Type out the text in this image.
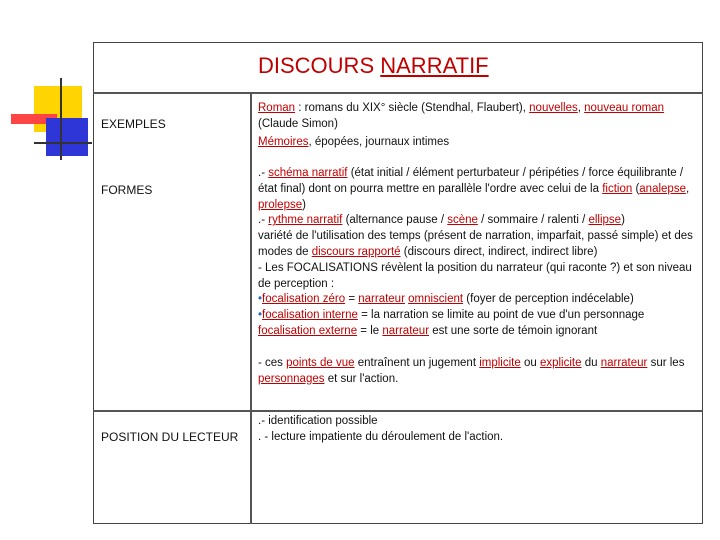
DISCOURS NARRATIF
EXEMPLES

Roman : romans du XIX° siècle (Stendhal, Flaubert), nouvelles, nouveau roman

(Claude Simon)

Mémoires, épopées, journaux intimes

FORMES

.- schéma narratif (état initial / élément perturbateur / péripéties / force équilibrante / état final) dont on pourra mettre en parallèle l'ordre avec celui de la fiction (analepse, prolepse)

.- rythme narratif (alternance pause / scène / sommaire / ralenti / ellipse)

variété de l'utilisation des temps (présent de narration, imparfait, passé simple) et des modes de discours rapporté (discours direct, indirect, indirect libre)

- Les FOCALISATIONS révèlent la position du narrateur (qui raconte ?) et son niveau de perception :

•focalisation zéro = narrateur omniscient (foyer de perception indécelable)

•focalisation interne = la narration se limite au point de vue d'un personnage

focalisation externe = le narrateur est une sorte de témoin ignorant

- ces points de vue entraînent un jugement implicite ou explicite du narrateur sur les personnages et sur l'action.

POSITION DU LECTEUR

.- identification possible

. - lecture impatiente du déroulement de l'action.
